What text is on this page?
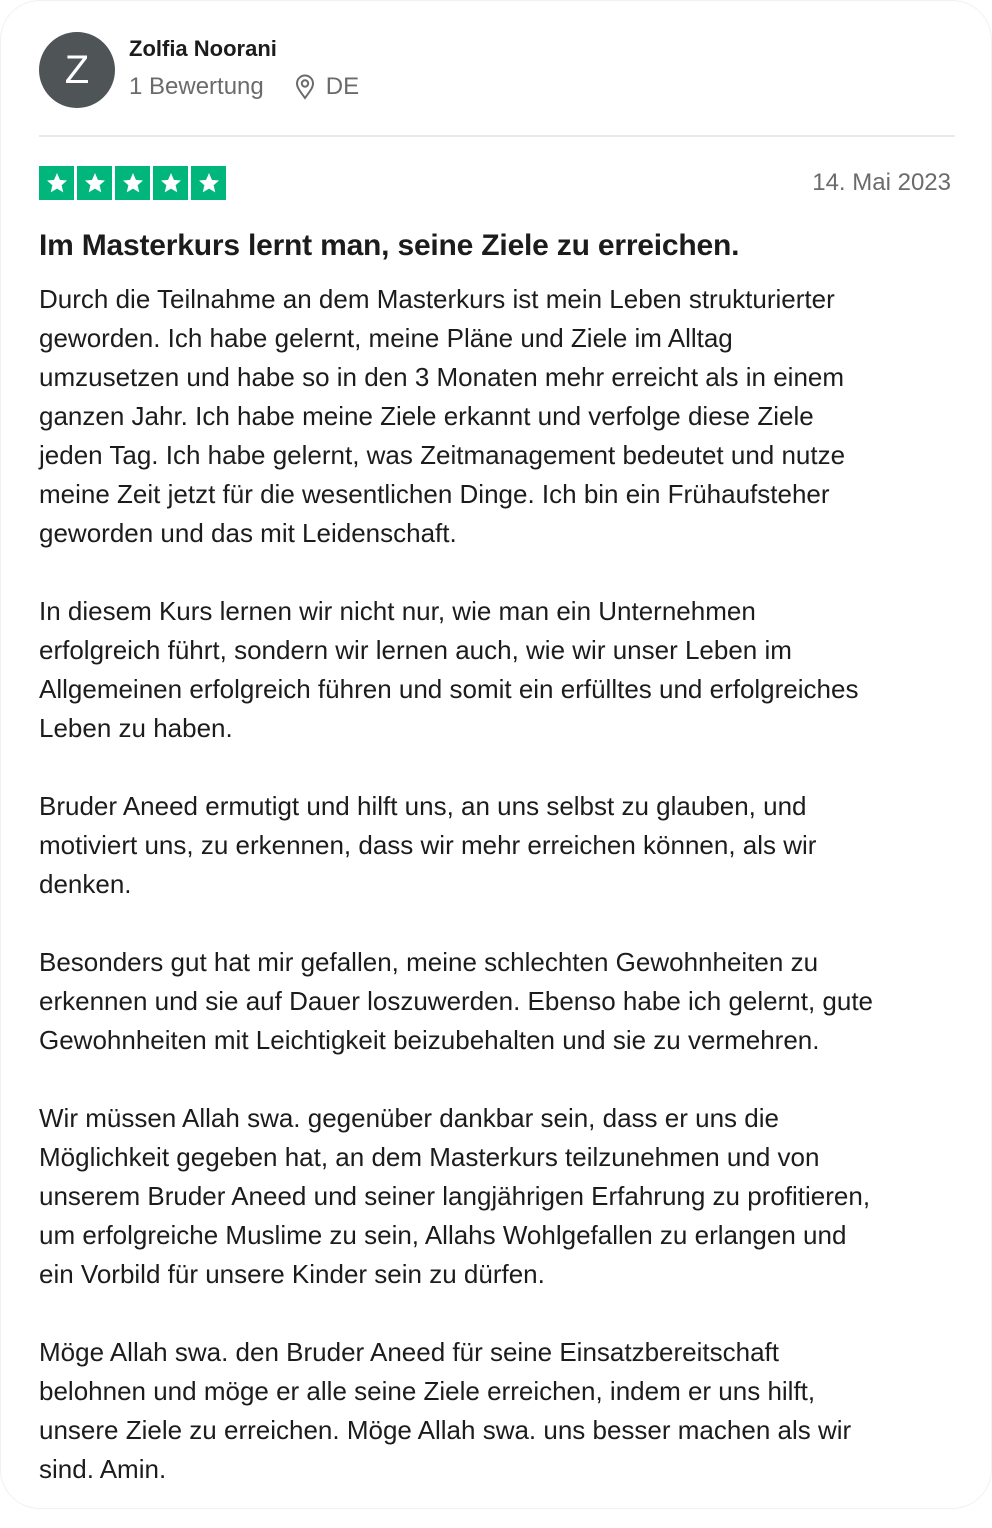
Z Zolfia Noorani
1 Bewertung	DE
14. Mai 2023
Im Masterkurs lernt man, seine Ziele zu erreichen.
Durch die Teilnahme an dem Masterkurs ist mein Leben strukturierter
geworden. Ich habe gelernt, meine Pläne und Ziele im Alltag
umzusetzen und habe so in den 3 Monaten mehr erreicht als in einem
ganzen Jahr. Ich habe meine Ziele erkannt und verfolge diese Ziele
jeden Tag. Ich habe gelernt, was Zeitmanagement bedeutet und nutze
meine Zeit jetzt für die wesentlichen Dinge. Ich bin ein Frühaufsteher
geworden und das mit Leidenschaft.
In diesem Kurs lernen wir nicht nur, wie man ein Unternehmen
erfolgreich führt, sondern wir lernen auch, wie wir unser Leben im
Allgemeinen erfolgreich führen und somit ein erfülltes und erfolgreiches
Leben zu haben.
Bruder Aneed ermutigt und hilft uns, an uns selbst zu glauben, und
motiviert uns, zu erkennen, dass wir mehr erreichen können, als wir
denken.
Besonders gut hat mir gefallen, meine schlechten Gewohnheiten zu
erkennen und sie auf Dauer loszuwerden. Ebenso habe ich gelernt, gute
Gewohnheiten mit Leichtigkeit beizubehalten und sie zu vermehren.
Wir müssen Allah swa. gegenüber dankbar sein, dass er uns die
Möglichkeit gegeben hat, an dem Masterkurs teilzunehmen und von
unserem Bruder Aneed und seiner langjährigen Erfahrung zu profitieren,
um erfolgreiche Muslime zu sein, Allahs Wohlgefallen zu erlangen und
ein Vorbild für unsere Kinder sein zu dürfen.
Möge Allah swa. den Bruder Aneed für seine Einsatzbereitschaft
belohnen und möge er alle seine Ziele erreichen, indem er uns hilft,
unsere Ziele zu erreichen. Möge Allah swa. uns besser machen als wir
sind. Amin.
